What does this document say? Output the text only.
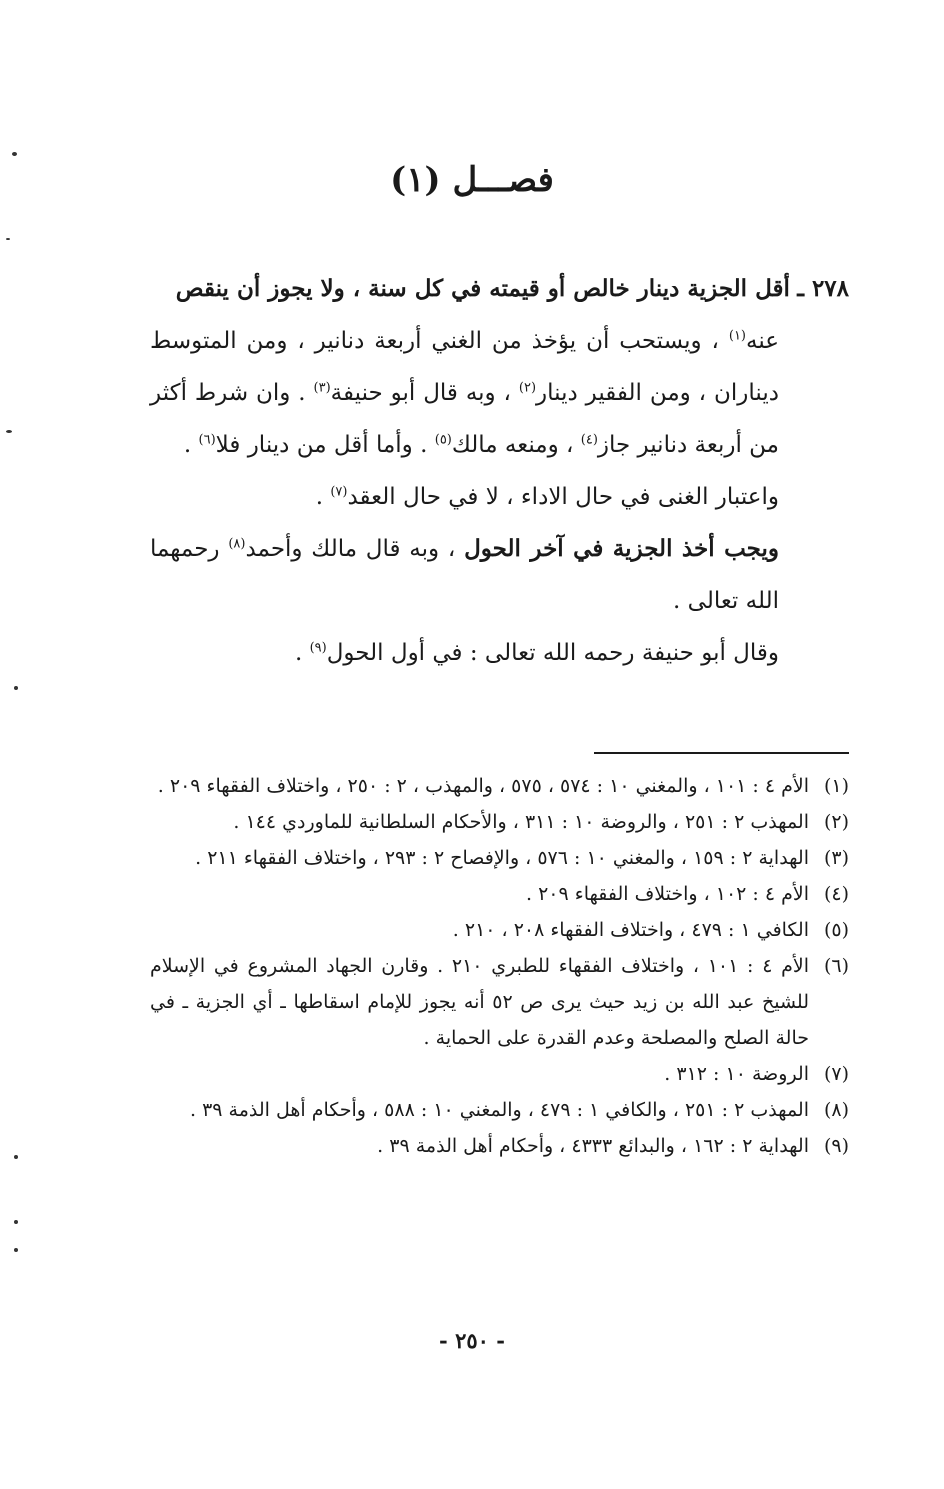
فصـــل (١)

٢٧٨ ـ أقل الجزية دينار خالص أو قيمته في كل سنة ، ولا يجوز أن ينقص

عنه$^{(١)}$ ، ويستحب أن يؤخذ من الغني أربعة دنانير ، ومن المتوسط ديناران ، ومن الفقير دينار$^{(٢)}$ ، وبه قال أبو حنيفة$^{(٣)}$ . وان شرط أكثر من أربعة دنانير جاز$^{(٤)}$ ، ومنعه مالك$^{(٥)}$ . وأما أقل من دينار فلا$^{(٦)}$ .

واعتبار الغنى في حال الاداء ، لا في حال العقد$^{(٧)}$ .

ويجب أخذ الجزية في آخر الحول ، وبه قال مالك وأحمد$^{(٨)}$ رحمهما الله تعالى .

وقال أبو حنيفة رحمه الله تعالى : في أول الحول$^{(٩)}$ .

(١)
الأم ٤ : ١٠١ ، والمغني ١٠ : ٥٧٤ ، ٥٧٥ ، والمهذب ، ٢ : ٢٥٠ ، واختلاف الفقهاء ٢٠٩ .
(٢)
المهذب ٢ : ٢٥١ ، والروضة ١٠ : ٣١١ ، والأحكام السلطانية للماوردي ١٤٤ .
(٣)
الهداية ٢ : ١٥٩ ، والمغني ١٠ : ٥٧٦ ، والإفصاح ٢ : ٢٩٣ ، واختلاف الفقهاء ٢١١ .
(٤)
الأم ٤ : ١٠٢ ، واختلاف الفقهاء ٢٠٩ .
(٥)
الكافي ١ : ٤٧٩ ، واختلاف الفقهاء ٢٠٨ ، ٢١٠ .
(٦)
الأم ٤ : ١٠١ ، واختلاف الفقهاء للطبري ٢١٠ . وقارن الجهاد المشروع في الإسلام للشيخ عبد الله بن زيد حيث يرى ص ٥٢ أنه يجوز للإمام اسقاطها ـ أي الجزية ـ في حالة الصلح والمصلحة وعدم القدرة على الحماية .
(٧)
الروضة ١٠ : ٣١٢ .
(٨)
المهذب ٢ : ٢٥١ ، والكافي ١ : ٤٧٩ ، والمغني ١٠ : ٥٨٨ ، وأحكام أهل الذمة ٣٩ .
(٩)
الهداية ٢ : ١٦٢ ، والبدائع ٤٣٣٣ ، وأحكام أهل الذمة ٣٩ .
- ٢٥٠ -
